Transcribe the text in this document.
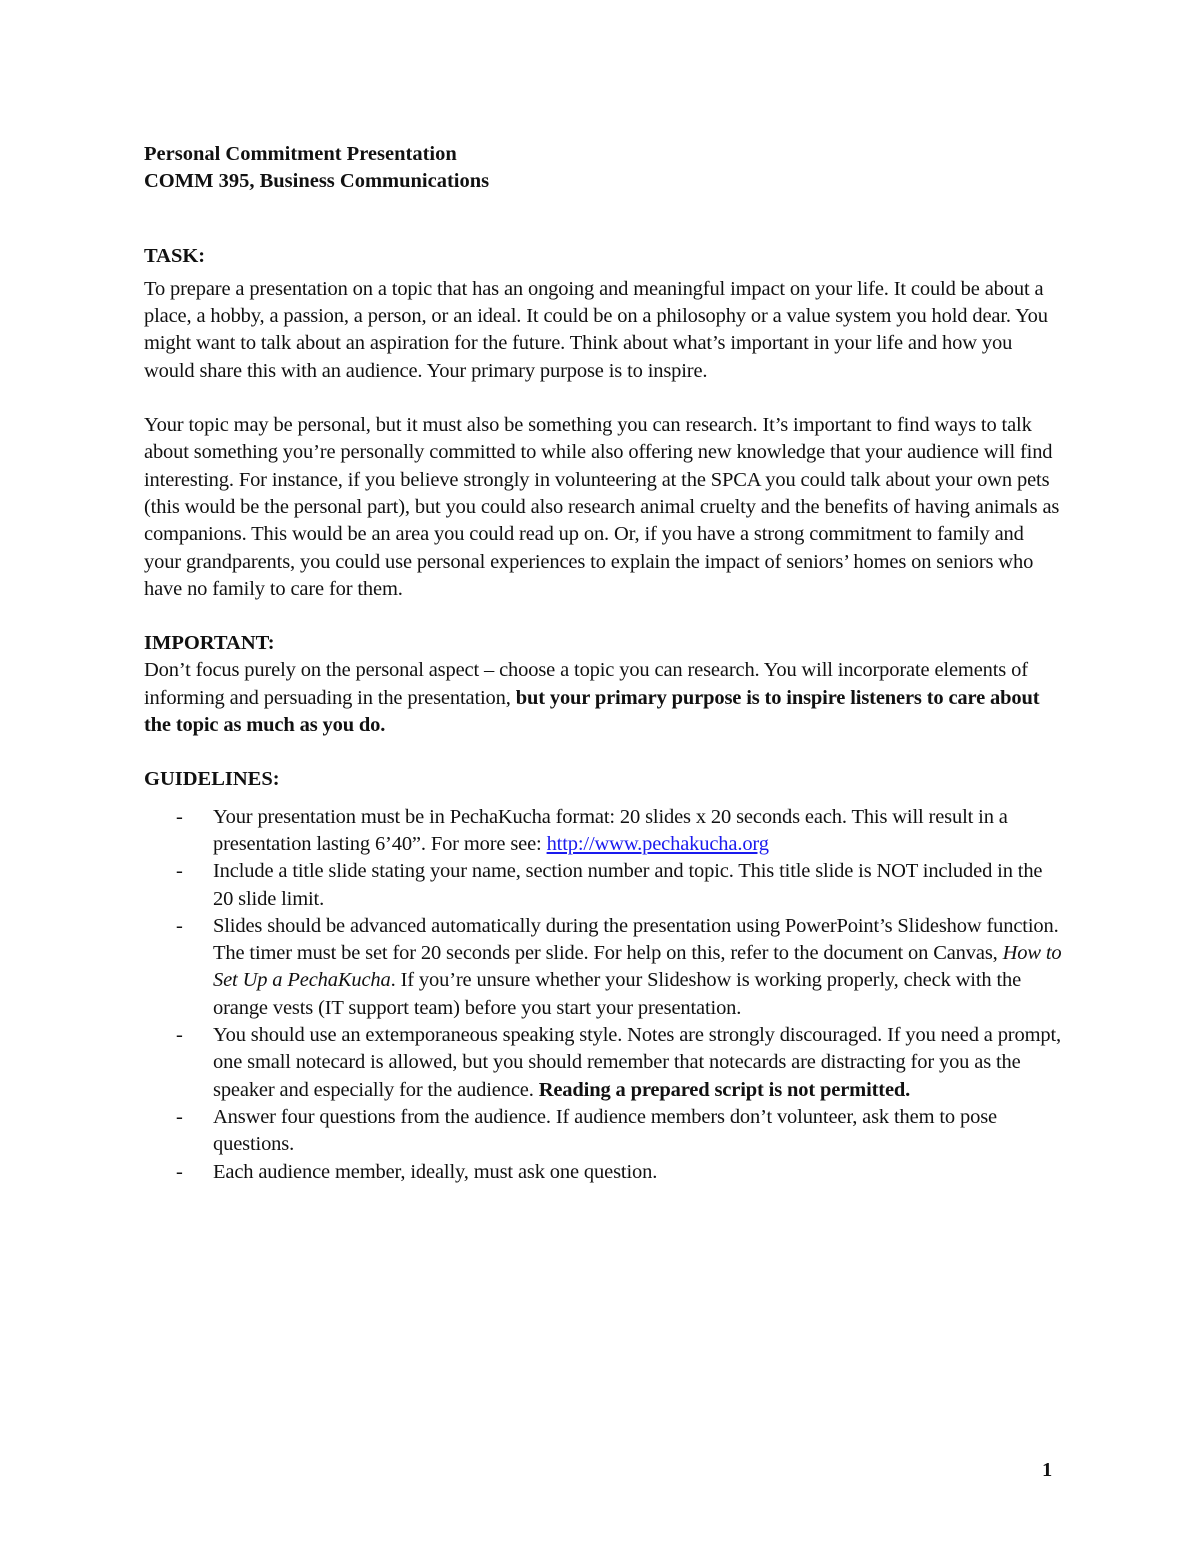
Personal Commitment Presentation

COMM 395, Business Communications

TASK:

To prepare a presentation on a topic that has an ongoing and meaningful impact on your life. It could be about a place, a hobby, a passion, a person, or an ideal. It could be on a philosophy or a value system you hold dear. You might want to talk about an aspiration for the future. Think about what’s important in your life and how you would share this with an audience. Your primary purpose is to inspire.

Your topic may be personal, but it must also be something you can research. It’s important to find ways to talk about something you’re personally committed to while also offering new knowledge that your audience will find interesting. For instance, if you believe strongly in volunteering at the SPCA you could talk about your own pets (this would be the personal part), but you could also research animal cruelty and the benefits of having animals as companions. This would be an area you could read up on. Or, if you have a strong commitment to family and your grandparents, you could use personal experiences to explain the impact of seniors’ homes on seniors who have no family to care for them.

IMPORTANT:

Don’t focus purely on the personal aspect – choose a topic you can research. You will incorporate elements of informing and persuading in the presentation, but your primary purpose is to inspire listeners to care about the topic as much as you do.

GUIDELINES:

- Your presentation must be in PechaKucha format: 20 slides x 20 seconds each. This will result in a presentation lasting 6’40”. For more see: http://www.pechakucha.org
- Include a title slide stating your name, section number and topic. This title slide is NOT included in the 20 slide limit.
- Slides should be advanced automatically during the presentation using PowerPoint’s Slideshow function. The timer must be set for 20 seconds per slide. For help on this, refer to the document on Canvas, How to Set Up a PechaKucha. If you’re unsure whether your Slideshow is working properly, check with the orange vests (IT support team) before you start your presentation.
- You should use an extemporaneous speaking style. Notes are strongly discouraged. If you need a prompt, one small notecard is allowed, but you should remember that notecards are distracting for you as the speaker and especially for the audience. Reading a prepared script is not permitted.
- Answer four questions from the audience. If audience members don’t volunteer, ask them to pose questions.
- Each audience member, ideally, must ask one question.
1
